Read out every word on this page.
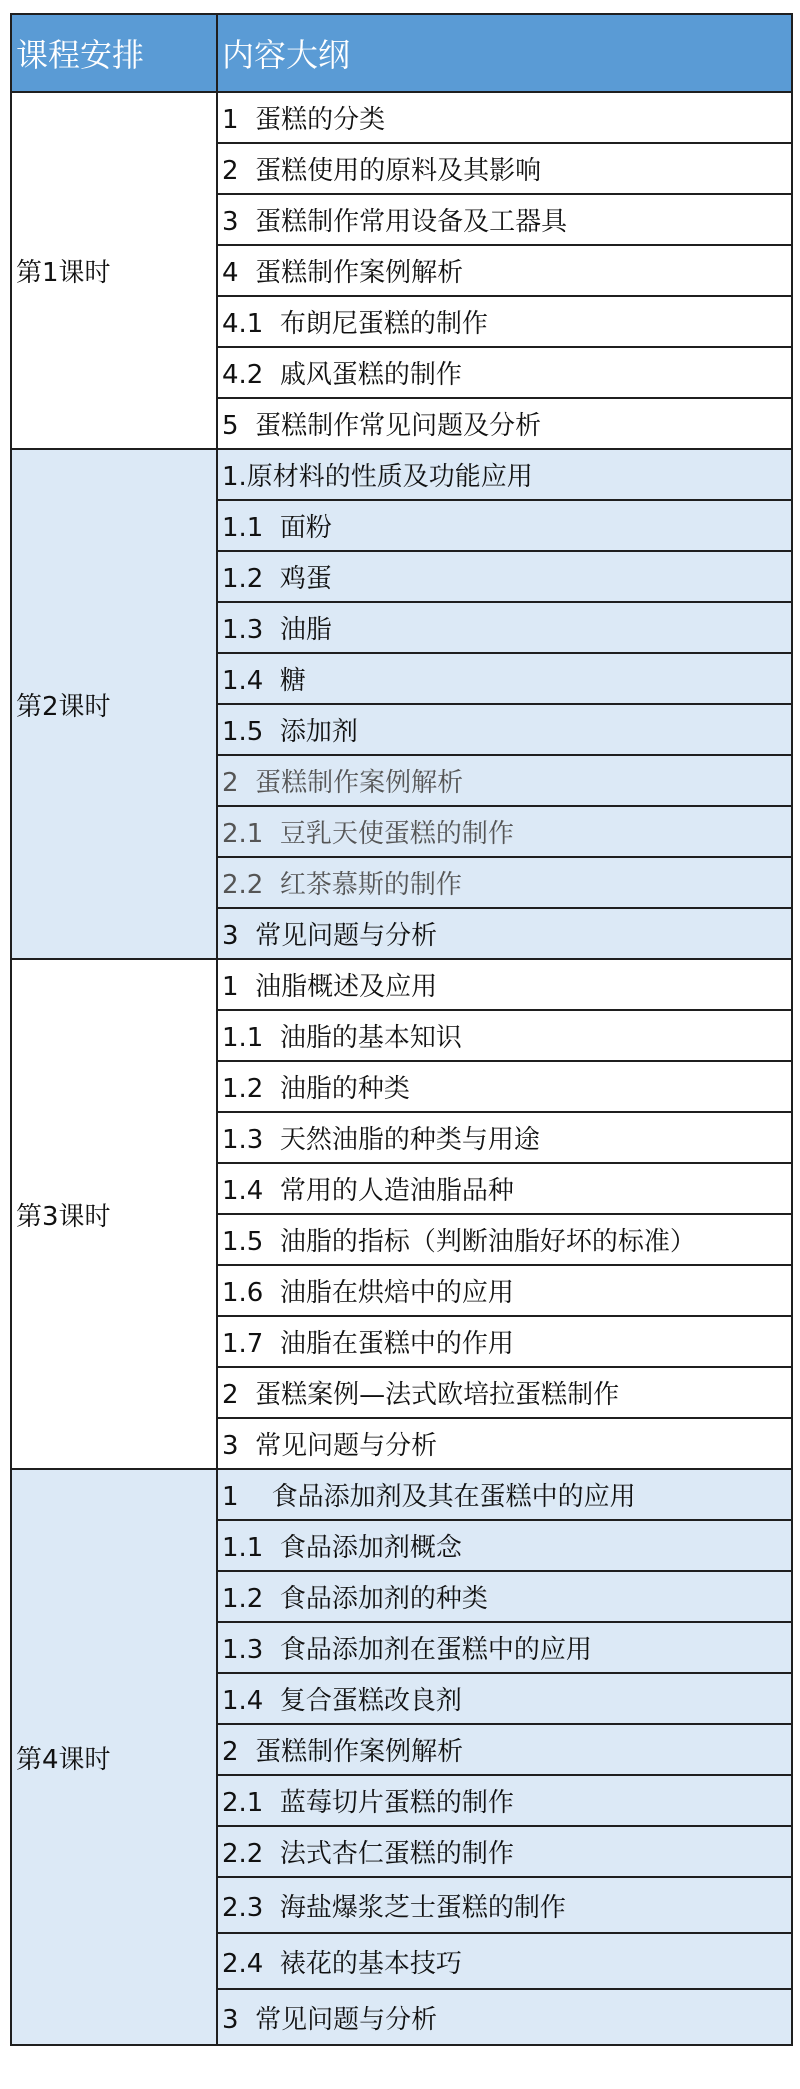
课程安排	内容大纲
第1课时	1  蛋糕的分类
	2  蛋糕使用的原料及其影响
	3  蛋糕制作常用设备及工器具
	4  蛋糕制作案例解析
	4.1  布朗尼蛋糕的制作
	4.2  戚风蛋糕的制作
	5  蛋糕制作常见问题及分析
第2课时	1.原材料的性质及功能应用
	1.1  面粉
	1.2  鸡蛋
	1.3  油脂
	1.4  糖
	1.5  添加剂
	2  蛋糕制作案例解析
	2.1  豆乳天使蛋糕的制作
	2.2  红茶慕斯的制作
	3  常见问题与分析
第3课时	1  油脂概述及应用
	1.1  油脂的基本知识
	1.2  油脂的种类
	1.3  天然油脂的种类与用途
	1.4  常用的人造油脂品种
	1.5  油脂的指标（判断油脂好坏的标准）
	1.6  油脂在烘焙中的应用
	1.7  油脂在蛋糕中的作用
	2  蛋糕案例—法式欧培拉蛋糕制作
	3  常见问题与分析
第4课时	1    食品添加剂及其在蛋糕中的应用
	1.1  食品添加剂概念
	1.2  食品添加剂的种类
	1.3  食品添加剂在蛋糕中的应用
	1.4  复合蛋糕改良剂
	2  蛋糕制作案例解析
	2.1  蓝莓切片蛋糕的制作
	2.2  法式杏仁蛋糕的制作
	2.3  海盐爆浆芝士蛋糕的制作
	2.4  裱花的基本技巧
	3  常见问题与分析
